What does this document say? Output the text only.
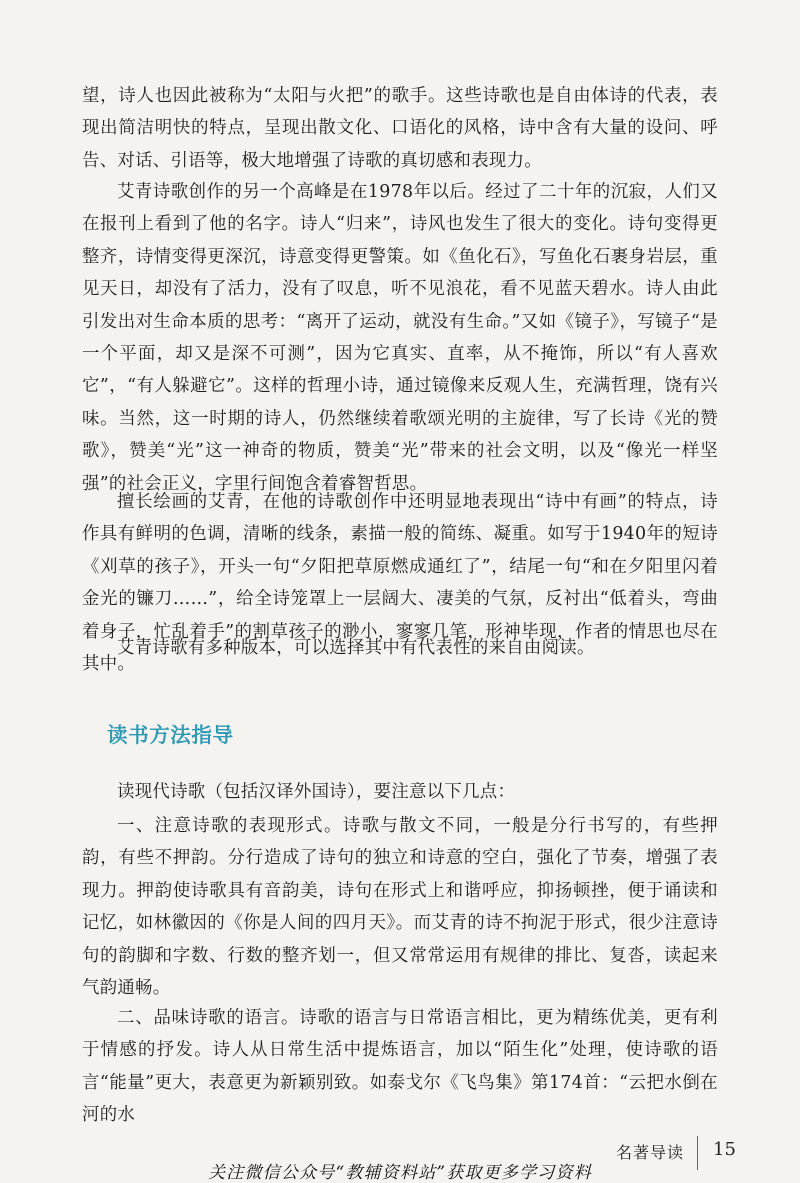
望，诗人也因此被称为“太阳与火把”的歌手。这些诗歌也是自由体诗的代表，表现出简洁明快的特点，呈现出散文化、口语化的风格，诗中含有大量的设问、呼告、对话、引语等，极大地增强了诗歌的真切感和表现力。

艾青诗歌创作的另一个高峰是在1978年以后。经过了二十年的沉寂，人们又在报刊上看到了他的名字。诗人“归来”，诗风也发生了很大的变化。诗句变得更整齐，诗情变得更深沉，诗意变得更警策。如《鱼化石》，写鱼化石裹身岩层，重见天日，却没有了活力，没有了叹息，听不见浪花，看不见蓝天碧水。诗人由此引发出对生命本质的思考：“离开了运动，就没有生命。”又如《镜子》，写镜子“是一个平面，却又是深不可测”，因为它真实、直率，从不掩饰，所以“有人喜欢它”，“有人躲避它”。这样的哲理小诗，通过镜像来反观人生，充满哲理，饶有兴味。当然，这一时期的诗人，仍然继续着歌颂光明的主旋律，写了长诗《光的赞歌》，赞美“光”这一神奇的物质，赞美“光”带来的社会文明，以及“像光一样坚强”的社会正义，字里行间饱含着睿智哲思。

擅长绘画的艾青，在他的诗歌创作中还明显地表现出“诗中有画”的特点，诗作具有鲜明的色调，清晰的线条，素描一般的简练、凝重。如写于1940年的短诗《刈草的孩子》，开头一句“夕阳把草原燃成通红了”，结尾一句“和在夕阳里闪着金光的镰刀……”，给全诗笼罩上一层阔大、凄美的气氛，反衬出“低着头，弯曲着身子，忙乱着手”的割草孩子的渺小，寥寥几笔，形神毕现，作者的情思也尽在其中。

艾青诗歌有多种版本，可以选择其中有代表性的来自由阅读。

读书方法指导

读现代诗歌（包括汉译外国诗），要注意以下几点：

一、注意诗歌的表现形式。诗歌与散文不同，一般是分行书写的，有些押韵，有些不押韵。分行造成了诗句的独立和诗意的空白，强化了节奏，增强了表现力。押韵使诗歌具有音韵美，诗句在形式上和谐呼应，抑扬顿挫，便于诵读和记忆，如林徽因的《你是人间的四月天》。而艾青的诗不拘泥于形式，很少注意诗句的韵脚和字数、行数的整齐划一，但又常常运用有规律的排比、复沓，读起来气韵通畅。

二、品味诗歌的语言。诗歌的语言与日常语言相比，更为精练优美，更有利于情感的抒发。诗人从日常生活中提炼语言，加以“陌生化”处理，使诗歌的语言“能量”更大，表意更为新颖别致。如泰戈尔《飞鸟集》第174首：“云把水倒在河的水

名著导读 15
关注微信公众号“教辅资料站”获取更多学习资料
